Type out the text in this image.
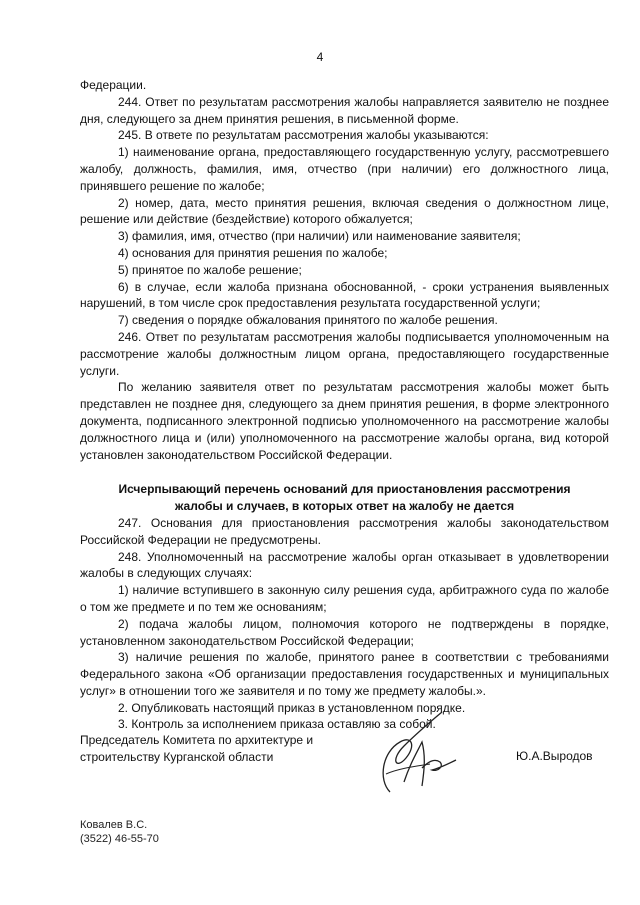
4

Федерации.

244. Ответ по результатам рассмотрения жалобы направляется заявителю не позднее дня, следующего за днем принятия решения, в письменной форме.

245. В ответе по результатам рассмотрения жалобы указываются:

1) наименование органа, предоставляющего государственную услугу, рассмотревшего жалобу, должность, фамилия, имя, отчество (при наличии) его должностного лица, принявшего решение по жалобе;

2) номер, дата, место принятия решения, включая сведения о должностном лице, решение или действие (бездействие) которого обжалуется;

3) фамилия, имя, отчество (при наличии) или наименование заявителя;

4) основания для принятия решения по жалобе;

5) принятое по жалобе решение;

6) в случае, если жалоба признана обоснованной, - сроки устранения выявленных нарушений, в том числе срок предоставления результата государственной услуги;

7) сведения о порядке обжалования принятого по жалобе решения.

246. Ответ по результатам рассмотрения жалобы подписывается уполномоченным на рассмотрение жалобы должностным лицом органа, предоставляющего государственные услуги.

По желанию заявителя ответ по результатам рассмотрения жалобы может быть представлен не позднее дня, следующего за днем принятия решения, в форме электронного документа, подписанного электронной подписью уполномоченного на рассмотрение жалобы должностного лица и (или) уполномоченного на рассмотрение жалобы органа, вид которой установлен законодательством Российской Федерации.

Исчерпывающий перечень оснований для приостановления рассмотрения

жалобы и случаев, в которых ответ на жалобу не дается

247. Основания для приостановления рассмотрения жалобы законодательством Российской Федерации не предусмотрены.

248. Уполномоченный на рассмотрение жалобы орган отказывает в удовлетворении жалобы в следующих случаях:

1) наличие вступившего в законную силу решения суда, арбитражного суда по жалобе о том же предмете и по тем же основаниям;

2) подача жалобы лицом, полномочия которого не подтверждены в порядке, установленном законодательством Российской Федерации;

3) наличие решения по жалобе, принятого ранее в соответствии с требованиями Федерального закона «Об организации предоставления государственных и муниципальных услуг» в отношении того же заявителя и по тому же предмету жалобы.».

2. Опубликовать настоящий приказ в установленном порядке.

3. Контроль за исполнением приказа оставляю за собой.

Председатель Комитета по архитектуре и
строительству Курганской области	Ю.А.Выродов
Ковалев В.С.
(3522) 46-55-70
